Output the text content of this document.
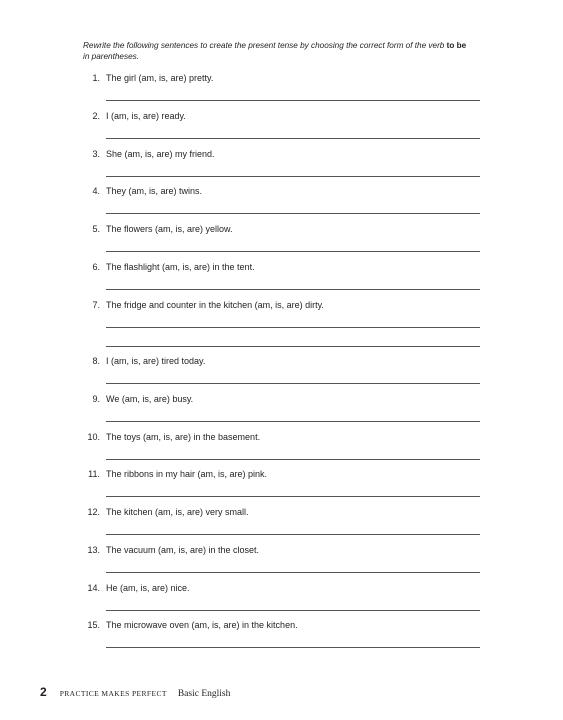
Rewrite the following sentences to create the present tense by choosing the correct form of the verb to be
in parentheses.
1. The girl (am, is, are) pretty.
2. I (am, is, are) ready.
3. She (am, is, are) my friend.
4. They (am, is, are) twins.
5. The flowers (am, is, are) yellow.
6. The flashlight (am, is, are) in the tent.
7. The fridge and counter in the kitchen (am, is, are) dirty.
8. I (am, is, are) tired today.
9. We (am, is, are) busy.
10. The toys (am, is, are) in the basement.
11. The ribbons in my hair (am, is, are) pink.
12. The kitchen (am, is, are) very small.
13. The vacuum (am, is, are) in the closet.
14. He (am, is, are) nice.
15. The microwave oven (am, is, are) in the kitchen.
2 PRACTICE MAKES PERFECT Basic English
